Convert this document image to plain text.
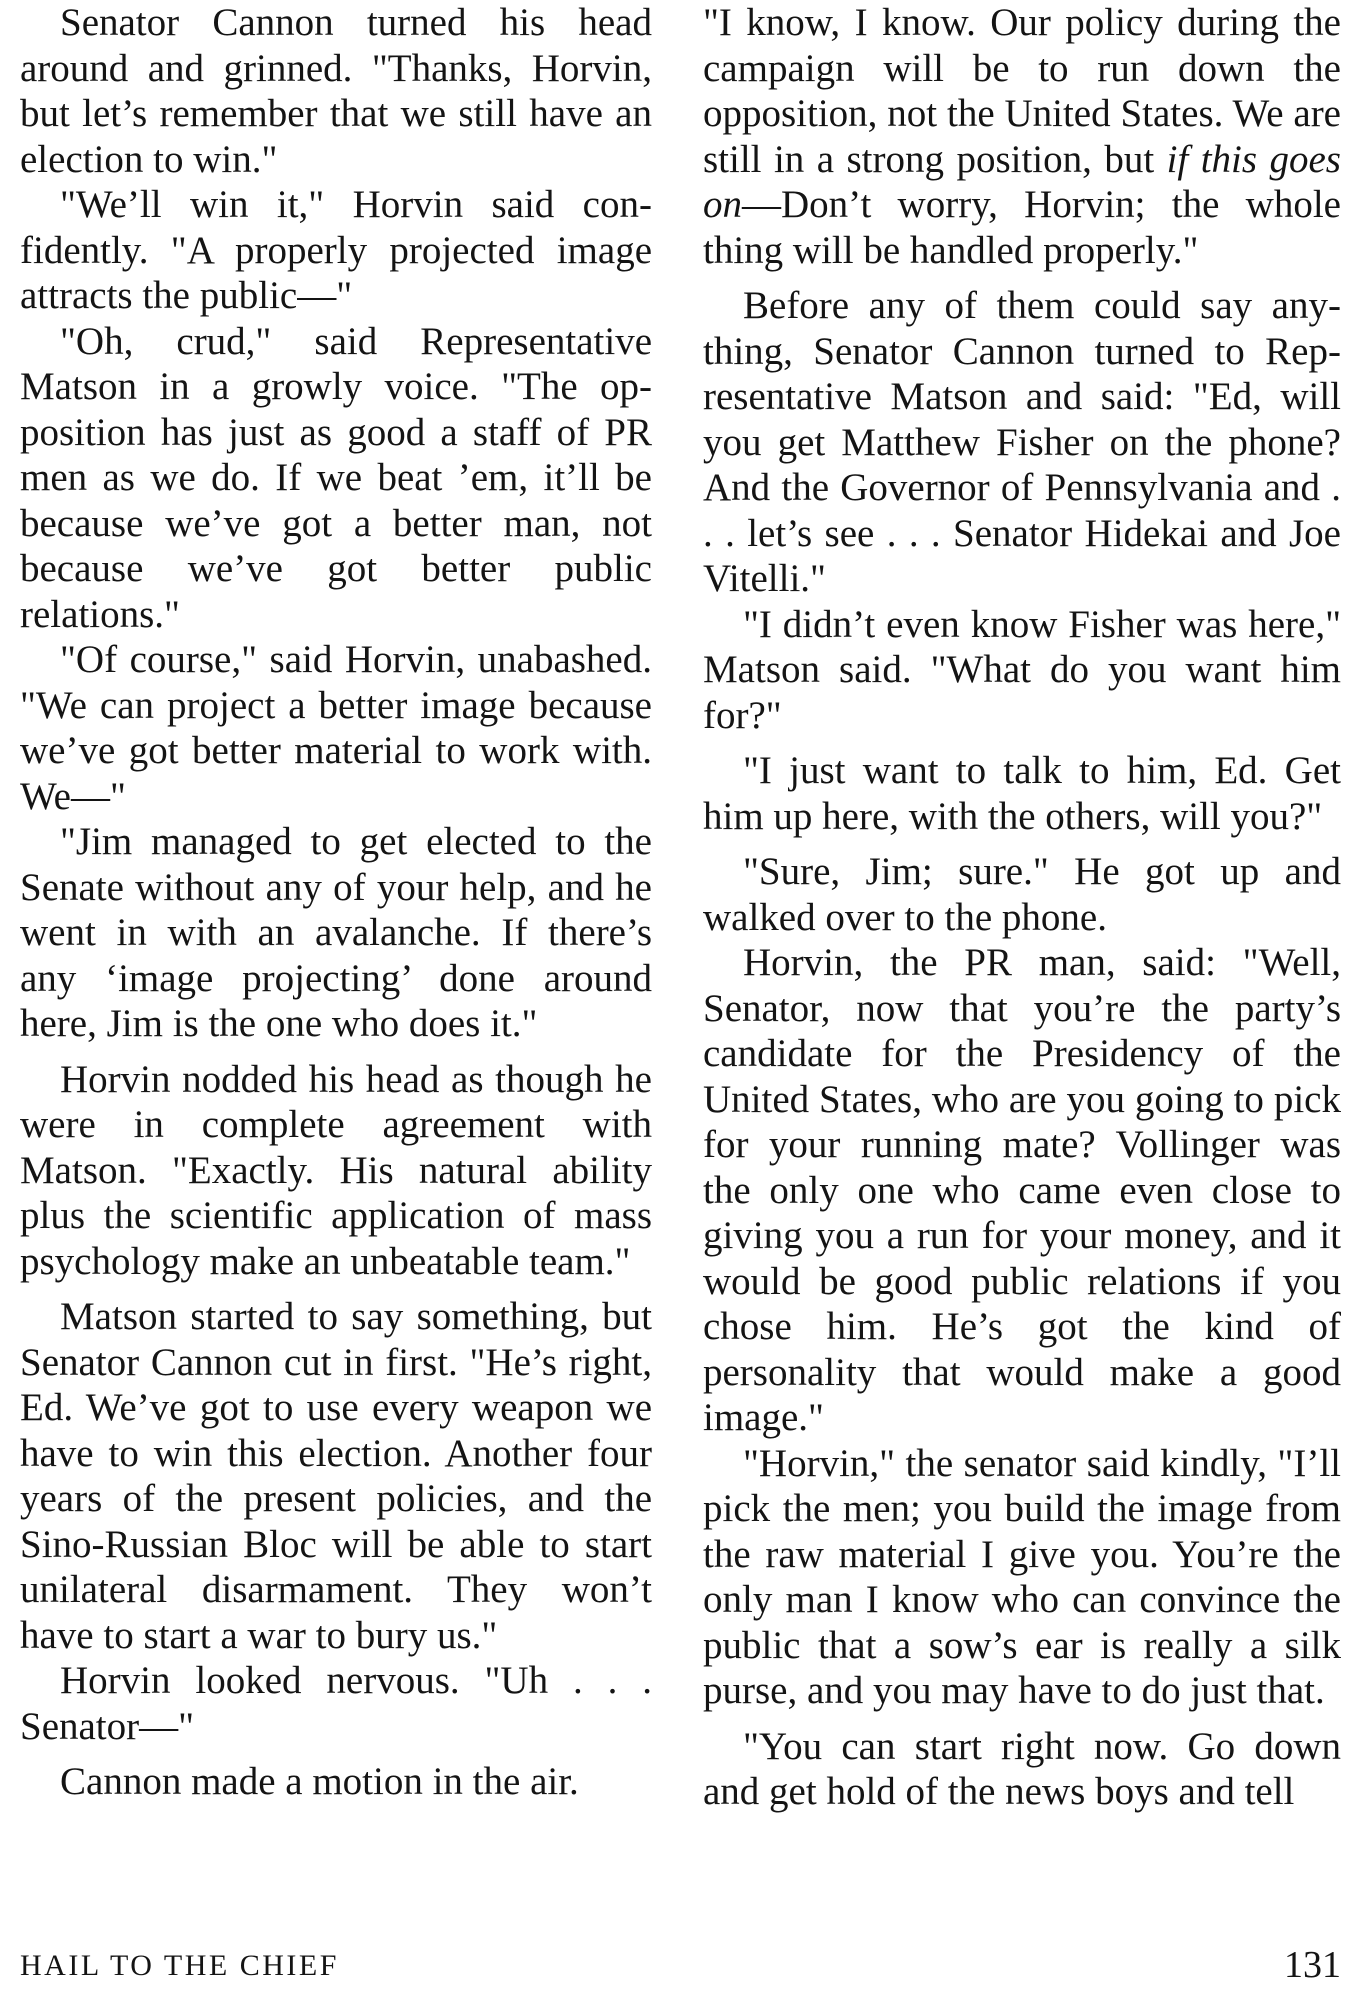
Senator Cannon turned his head around and grinned. "Thanks, Horvin, but let’s remember that we still have an election to win."

"We’ll win it," Horvin said confidently. "A properly projected image attracts the public—"

"Oh, crud," said Representative Matson in a growly voice. "The opposition has just as good a staff of PR men as we do. If we beat ’em, it’ll be because we’ve got a better man, not because we’ve got better public relations."

"Of course," said Horvin, unabashed. "We can project a better image because we’ve got better material to work with. We—"

"Jim managed to get elected to the Senate without any of your help, and he went in with an avalanche. If there’s any ‘image projecting’ done around here, Jim is the one who does it."

Horvin nodded his head as though he were in complete agreement with Matson. "Exactly. His natural ability plus the scientific application of mass psychology make an unbeatable team."

Matson started to say something, but Senator Cannon cut in first. "He’s right, Ed. We’ve got to use every weapon we have to win this election. Another four years of the present policies, and the Sino-Russian Bloc will be able to start unilateral disarmament. They won’t have to start a war to bury us."

Horvin looked nervous. "Uh . . . Senator—"

Cannon made a motion in the air.

"I know, I know. Our policy during the campaign will be to run down the opposition, not the United States. We are still in a strong position, but if this goes on—Don’t worry, Horvin; the whole thing will be handled properly."

Before any of them could say anything, Senator Cannon turned to Representative Matson and said: "Ed, will you get Matthew Fisher on the phone? And the Governor of Pennsylvania and . . . let’s see . . . Senator Hidekai and Joe Vitelli."

"I didn’t even know Fisher was here," Matson said. "What do you want him for?"

"I just want to talk to him, Ed. Get him up here, with the others, will you?"

"Sure, Jim; sure." He got up and walked over to the phone.

Horvin, the PR man, said: "Well, Senator, now that you’re the party’s candidate for the Presidency of the United States, who are you going to pick for your running mate? Vollinger was the only one who came even close to giving you a run for your money, and it would be good public relations if you chose him. He’s got the kind of personality that would make a good image."

"Horvin," the senator said kindly, "I’ll pick the men; you build the image from the raw material I give you. You’re the only man I know who can convince the public that a sow’s ear is really a silk purse, and you may have to do just that.

"You can start right now. Go down and get hold of the news boys and tell

HAIL TO THE CHIEF	131
